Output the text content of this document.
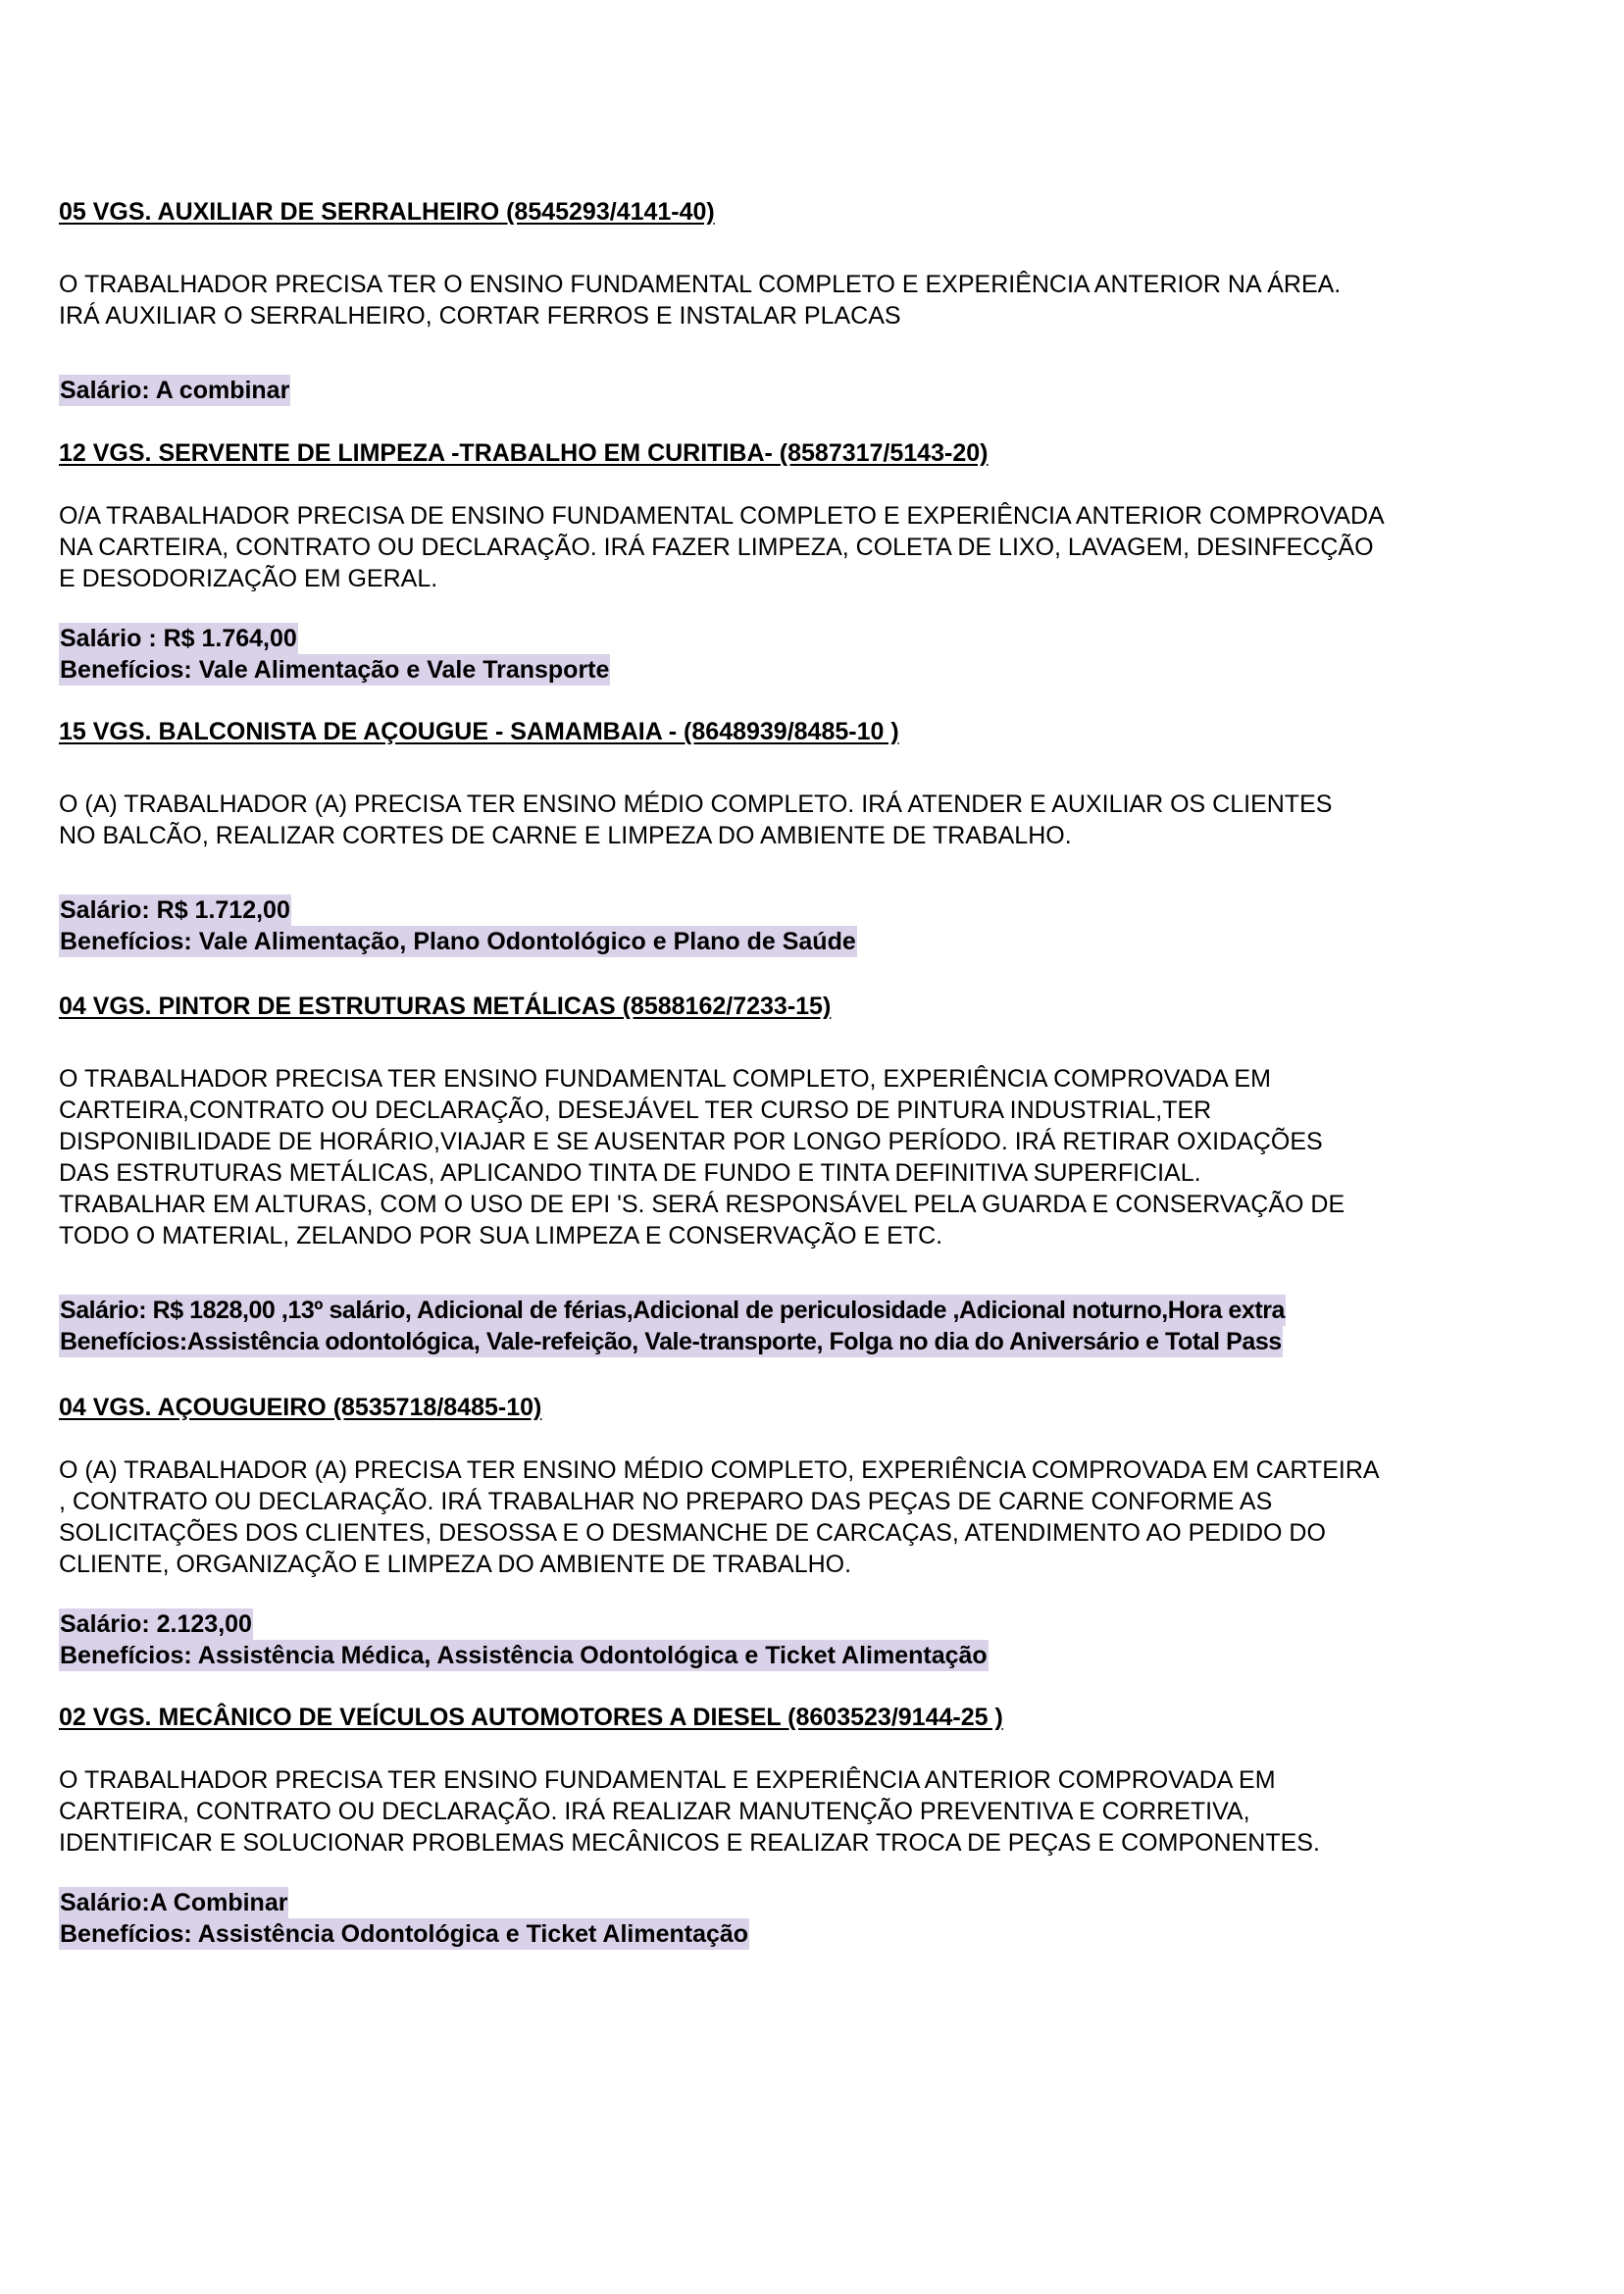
05 VGS. AUXILIAR DE SERRALHEIRO (8545293/4141-40)

O TRABALHADOR PRECISA TER O ENSINO FUNDAMENTAL COMPLETO E EXPERIÊNCIA ANTERIOR NA ÁREA.
IRÁ AUXILIAR O SERRALHEIRO, CORTAR FERROS E INSTALAR PLACAS

Salário: A combinar

12 VGS. SERVENTE DE LIMPEZA -TRABALHO EM CURITIBA- (8587317/5143-20)

O/A TRABALHADOR PRECISA DE ENSINO FUNDAMENTAL COMPLETO E EXPERIÊNCIA ANTERIOR COMPROVADA
NA CARTEIRA, CONTRATO OU DECLARAÇÃO. IRÁ FAZER LIMPEZA, COLETA DE LIXO, LAVAGEM, DESINFECÇÃO
E DESODORIZAÇÃO EM GERAL.

Salário : R$ 1.764,00
Benefícios: Vale Alimentação e Vale Transporte

15 VGS. BALCONISTA DE AÇOUGUE - SAMAMBAIA - (8648939/8485-10 )

O (A) TRABALHADOR (A) PRECISA TER ENSINO MÉDIO COMPLETO. IRÁ ATENDER E AUXILIAR OS CLIENTES
NO BALCÃO, REALIZAR CORTES DE CARNE E LIMPEZA DO AMBIENTE DE TRABALHO.

Salário: R$ 1.712,00
Benefícios: Vale Alimentação, Plano Odontológico e Plano de Saúde

04 VGS. PINTOR DE ESTRUTURAS METÁLICAS (8588162/7233-15)

O TRABALHADOR PRECISA TER ENSINO FUNDAMENTAL COMPLETO, EXPERIÊNCIA COMPROVADA EM
CARTEIRA,CONTRATO OU DECLARAÇÃO, DESEJÁVEL TER CURSO DE PINTURA INDUSTRIAL,TER
DISPONIBILIDADE DE HORÁRIO,VIAJAR E SE AUSENTAR POR LONGO PERÍODO. IRÁ RETIRAR OXIDAÇÕES
DAS ESTRUTURAS METÁLICAS, APLICANDO TINTA DE FUNDO E TINTA DEFINITIVA SUPERFICIAL.
TRABALHAR EM ALTURAS, COM O USO DE EPI 'S. SERÁ RESPONSÁVEL PELA GUARDA E CONSERVAÇÃO DE
TODO O MATERIAL, ZELANDO POR SUA LIMPEZA E CONSERVAÇÃO E ETC.

Salário: R$ 1828,00 ,13º salário, Adicional de férias,Adicional de periculosidade ,Adicional noturno,Hora extra
Benefícios:Assistência odontológica, Vale-refeição, Vale-transporte, Folga no dia do Aniversário e Total Pass

04 VGS. AÇOUGUEIRO (8535718/8485-10)

O (A) TRABALHADOR (A) PRECISA TER ENSINO MÉDIO COMPLETO, EXPERIÊNCIA COMPROVADA EM CARTEIRA
, CONTRATO OU DECLARAÇÃO. IRÁ TRABALHAR NO PREPARO DAS PEÇAS DE CARNE CONFORME AS
SOLICITAÇÕES DOS CLIENTES, DESOSSA E O DESMANCHE DE CARCAÇAS, ATENDIMENTO AO PEDIDO DO
CLIENTE, ORGANIZAÇÃO E LIMPEZA DO AMBIENTE DE TRABALHO.

Salário: 2.123,00
Benefícios: Assistência Médica, Assistência Odontológica e Ticket Alimentação

02 VGS. MECÂNICO DE VEÍCULOS AUTOMOTORES A DIESEL (8603523/9144-25 )

O TRABALHADOR PRECISA TER ENSINO FUNDAMENTAL E EXPERIÊNCIA ANTERIOR COMPROVADA EM
CARTEIRA, CONTRATO OU DECLARAÇÃO. IRÁ REALIZAR MANUTENÇÃO PREVENTIVA E CORRETIVA,
IDENTIFICAR E SOLUCIONAR PROBLEMAS MECÂNICOS E REALIZAR TROCA DE PEÇAS E COMPONENTES.

Salário:A Combinar
Benefícios: Assistência Odontológica e Ticket Alimentação
